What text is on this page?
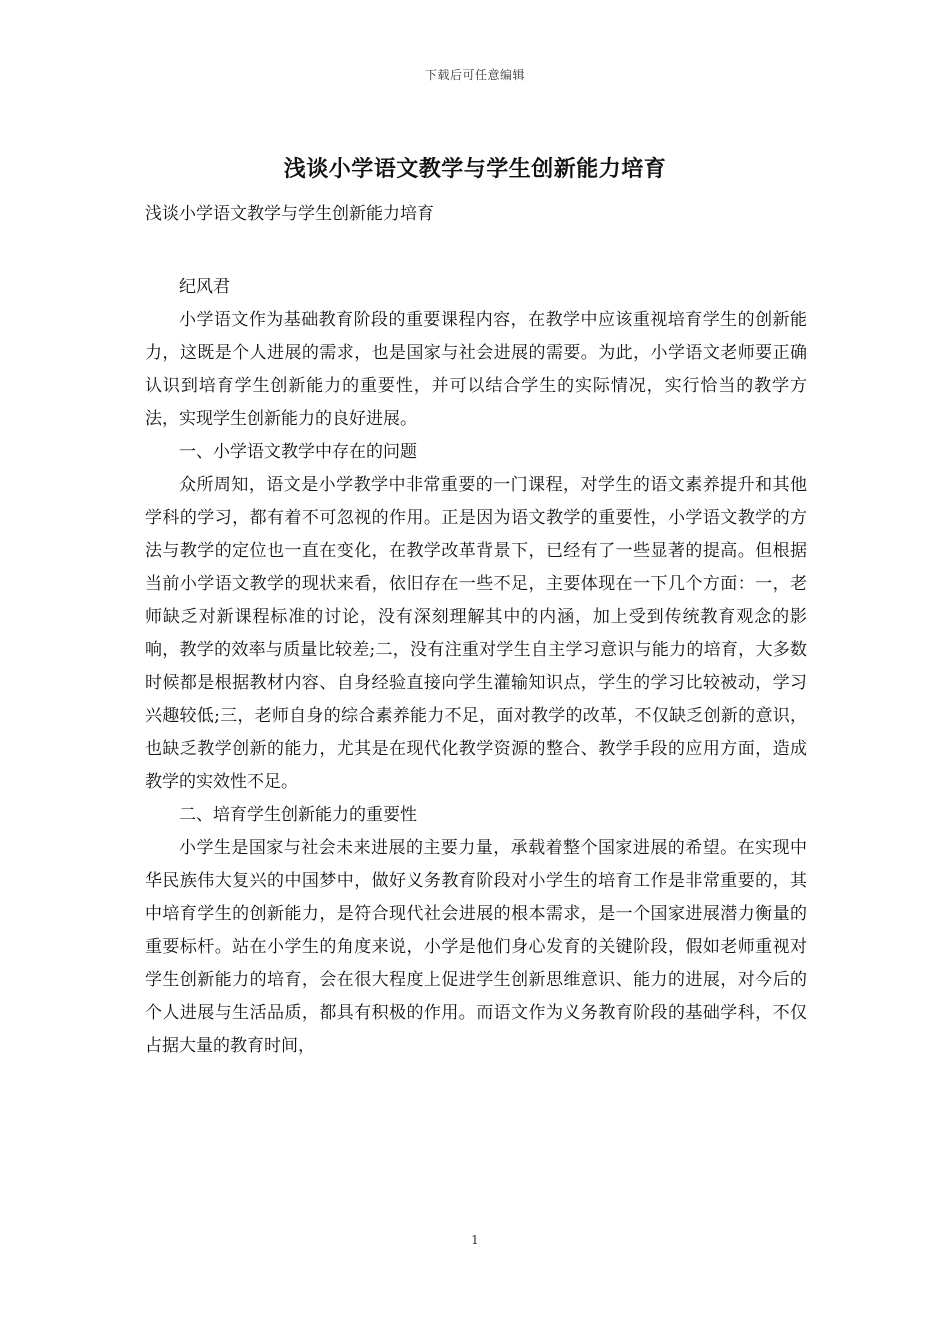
下载后可任意编辑
浅谈小学语文教学与学生创新能力培育

浅谈小学语文教学与学生创新能力培育

纪风君

小学语文作为基础教育阶段的重要课程内容，在教学中应该重视培育学生的创新能力，这既是个人进展的需求，也是国家与社会进展的需要。为此，小学语文老师要正确认识到培育学生创新能力的重要性，并可以结合学生的实际情况，实行恰当的教学方法，实现学生创新能力的良好进展。

一、小学语文教学中存在的问题

众所周知，语文是小学教学中非常重要的一门课程，对学生的语文素养提升和其他学科的学习，都有着不可忽视的作用。正是因为语文教学的重要性，小学语文教学的方法与教学的定位也一直在变化，在教学改革背景下，已经有了一些显著的提高。但根据当前小学语文教学的现状来看，依旧存在一些不足，主要体现在一下几个方面：一，老师缺乏对新课程标准的讨论，没有深刻理解其中的内涵，加上受到传统教育观念的影响，教学的效率与质量比较差;二，没有注重对学生自主学习意识与能力的培育，大多数时候都是根据教材内容、自身经验直接向学生灌输知识点，学生的学习比较被动，学习兴趣较低;三，老师自身的综合素养能力不足，面对教学的改革，不仅缺乏创新的意识，也缺乏教学创新的能力，尤其是在现代化教学资源的整合、教学手段的应用方面，造成教学的实效性不足。

二、培育学生创新能力的重要性

小学生是国家与社会未来进展的主要力量，承载着整个国家进展的希望。在实现中华民族伟大复兴的中国梦中，做好义务教育阶段对小学生的培育工作是非常重要的，其中培育学生的创新能力，是符合现代社会进展的根本需求，是一个国家进展潜力衡量的重要标杆。站在小学生的角度来说，小学是他们身心发育的关键阶段，假如老师重视对学生创新能力的培育，会在很大程度上促进学生创新思维意识、能力的进展，对今后的个人进展与生活品质，都具有积极的作用。而语文作为义务教育阶段的基础学科，不仅占据大量的教育时间，

1
